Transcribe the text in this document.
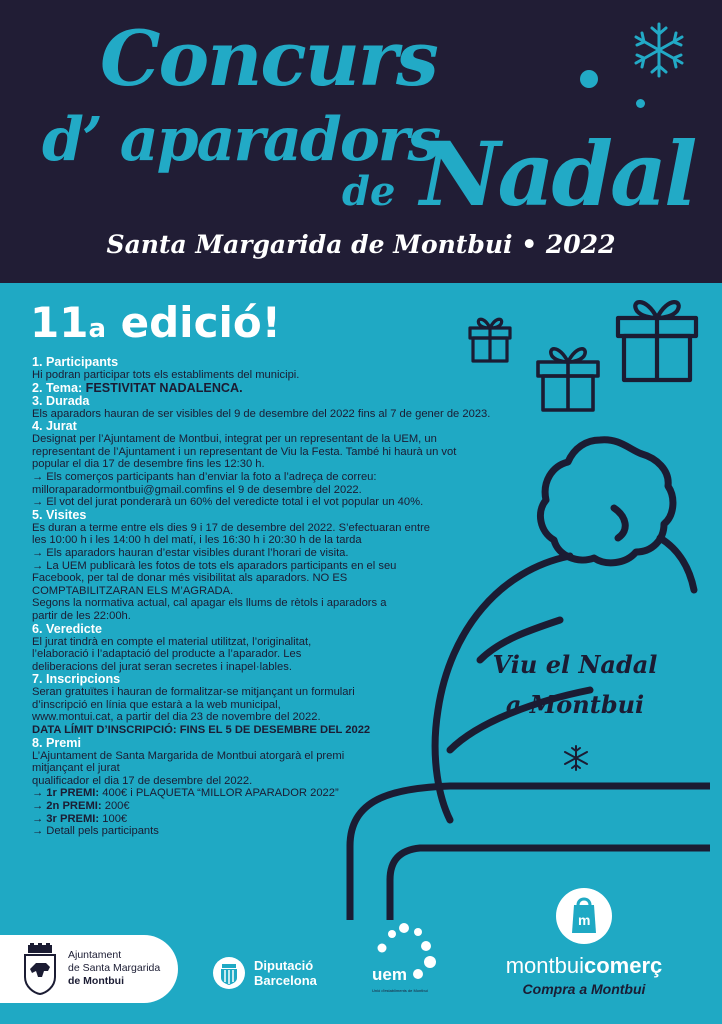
Concurs
d’ aparadors
de Nadal
Santa Margarida de Montbui • 2022
11a edició!
Viu el Nadal
a Montbui
1. Participants
Hi podran participar tots els establiments del municipi.
2. Tema: FESTIVITAT NADALENCA.
3. Durada
Els aparadors hauran de ser visibles del 9 de desembre del 2022 fins al 7 de gener de 2023.
4. Jurat
Designat per l’Ajuntament de Montbui, integrat per un representant de la UEM, un
representant de l’Ajuntament i un representant de Viu la Festa. També hi haurà un vot
popular el dia 17 de desembre fins les 12:30 h.
→ Els comerços participants han d’enviar la foto a l’adreça de correu:
milloraparadormontbui@gmail.comfins el 9 de desembre del 2022.
→ El vot del jurat ponderarà un 60% del veredicte total i el vot popular un 40%.
5. Visites
Es duran a terme entre els dies 9 i 17 de desembre del 2022. S’efectuaran entre
les 10:00 h i les 14:00 h del matí, i les 16:30 h i 20:30 h de la tarda
→ Els aparadors hauran d’estar visibles durant l’horari de visita.
→ La UEM publicarà les fotos de tots els aparadors participants en el seu
Facebook, per tal de donar més visibilitat als aparadors. NO ES
COMPTABILITZARAN ELS M’AGRADA.
Segons la normativa actual, cal apagar els llums de rètols i aparadors a
partir de les 22:00h.
6. Veredicte
El jurat tindrà en compte el material utilitzat, l’originalitat,
l’elaboració i l’adaptació del producte a l’aparador. Les
deliberacions del jurat seran secretes i inapel·lables.
7. Inscripcions
Seran gratuïtes i hauran de formalitzar-se mitjançant un formulari
d’inscripció en línia que estarà a la web municipal,
www.montui.cat, a partir del dia 23 de novembre del 2022.
DATA LÍMIT D’INSCRIPCIÓ: FINS EL 5 DE DESEMBRE DEL 2022
8. Premi
L’Ajuntament de Santa Margarida de Montbui atorgarà el premi
mitjançant el jurat
qualificador el dia 17 de desembre del 2022.
→ 1r PREMI: 400€ i PLAQUETA “MILLOR APARADOR 2022”
→ 2n PREMI: 200€
→ 3r PREMI: 100€
→ Detall pels participants
Ajuntament
de Santa Margarida
de Montbui
Diputació
Barcelona	uem
Unió d'establiments de Montbui
m
montbuicomerç
Compra a Montbui
